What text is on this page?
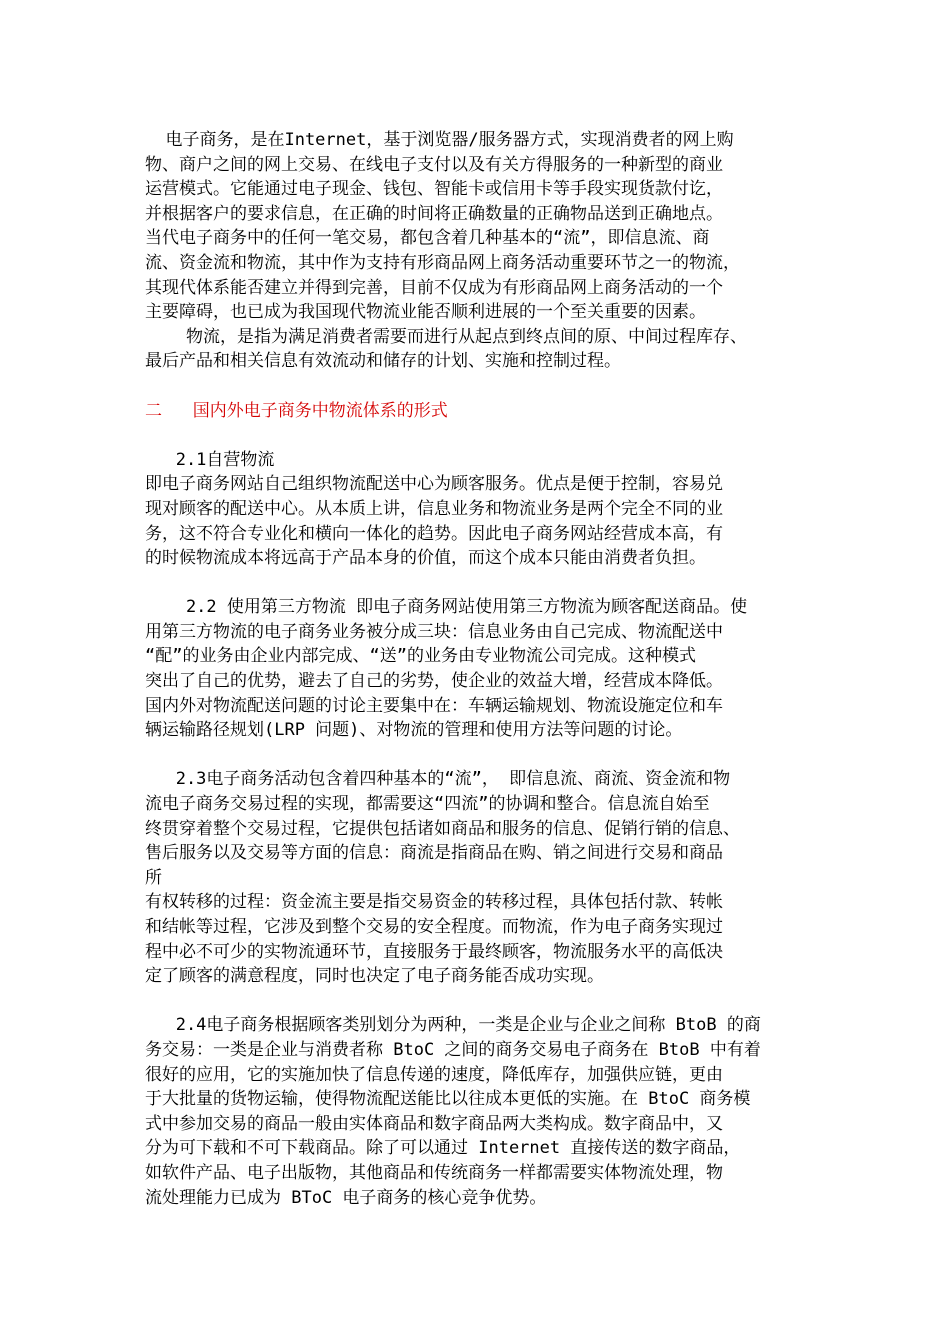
电子商务，是在Internet，基于浏览器/服务器方式，实现消费者的网上购
物、商户之间的网上交易、在线电子支付以及有关方得服务的一种新型的商业
运营模式。它能通过电子现金、钱包、智能卡或信用卡等手段实现货款付讫，
并根据客户的要求信息，在正确的时间将正确数量的正确物品送到正确地点。
当代电子商务中的任何一笔交易，都包含着几种基本的“流”，即信息流、商
流、资金流和物流，其中作为支持有形商品网上商务活动重要环节之一的物流，
其现代体系能否建立并得到完善，目前不仅成为有形商品网上商务活动的一个
主要障碍，也已成为我国现代物流业能否顺利进展的一个至关重要的因素。
物流，是指为满足消费者需要而进行从起点到终点间的原、中间过程库存、
最后产品和相关信息有效流动和储存的计划、实施和控制过程。
二   国内外电子商务中物流体系的形式
2.1自营物流
即电子商务网站自己组织物流配送中心为顾客服务。优点是便于控制，容易兑
现对顾客的配送中心。从本质上讲，信息业务和物流业务是两个完全不同的业
务，这不符合专业化和横向一体化的趋势。因此电子商务网站经营成本高，有
的时候物流成本将远高于产品本身的价值，而这个成本只能由消费者负担。
2.2 使用第三方物流 即电子商务网站使用第三方物流为顾客配送商品。使
用第三方物流的电子商务业务被分成三块：信息业务由自己完成、物流配送中
“配”的业务由企业内部完成、“送”的业务由专业物流公司完成。这种模式
突出了自己的优势，避去了自己的劣势，使企业的效益大增，经营成本降低。
国内外对物流配送问题的讨论主要集中在：车辆运输规划、物流设施定位和车
辆运输路径规划(LRP 问题)、对物流的管理和使用方法等问题的讨论。
2.3电子商务活动包含着四种基本的“流”， 即信息流、商流、资金流和物
流电子商务交易过程的实现，都需要这“四流”的协调和整合。信息流自始至
终贯穿着整个交易过程，它提供包括诸如商品和服务的信息、促销行销的信息、
售后服务以及交易等方面的信息：商流是指商品在购、销之间进行交易和商品
所
有权转移的过程：资金流主要是指交易资金的转移过程，具体包括付款、转帐
和结帐等过程，它涉及到整个交易的安全程度。而物流，作为电子商务实现过
程中必不可少的实物流通环节，直接服务于最终顾客，物流服务水平的高低决
定了顾客的满意程度，同时也决定了电子商务能否成功实现。
2.4电子商务根据顾客类别划分为两种，一类是企业与企业之间称 BtoB 的商
务交易：一类是企业与消费者称 BtoC 之间的商务交易电子商务在 BtoB 中有着
很好的应用，它的实施加快了信息传递的速度，降低库存，加强供应链，更由
于大批量的货物运输，使得物流配送能比以往成本更低的实施。在 BtoC 商务模
式中参加交易的商品一般由实体商品和数字商品两大类构成。数字商品中，又
分为可下载和不可下载商品。除了可以通过 Internet 直接传送的数字商品，
如软件产品、电子出版物，其他商品和传统商务一样都需要实体物流处理，物
流处理能力已成为 BToC 电子商务的核心竞争优势。
